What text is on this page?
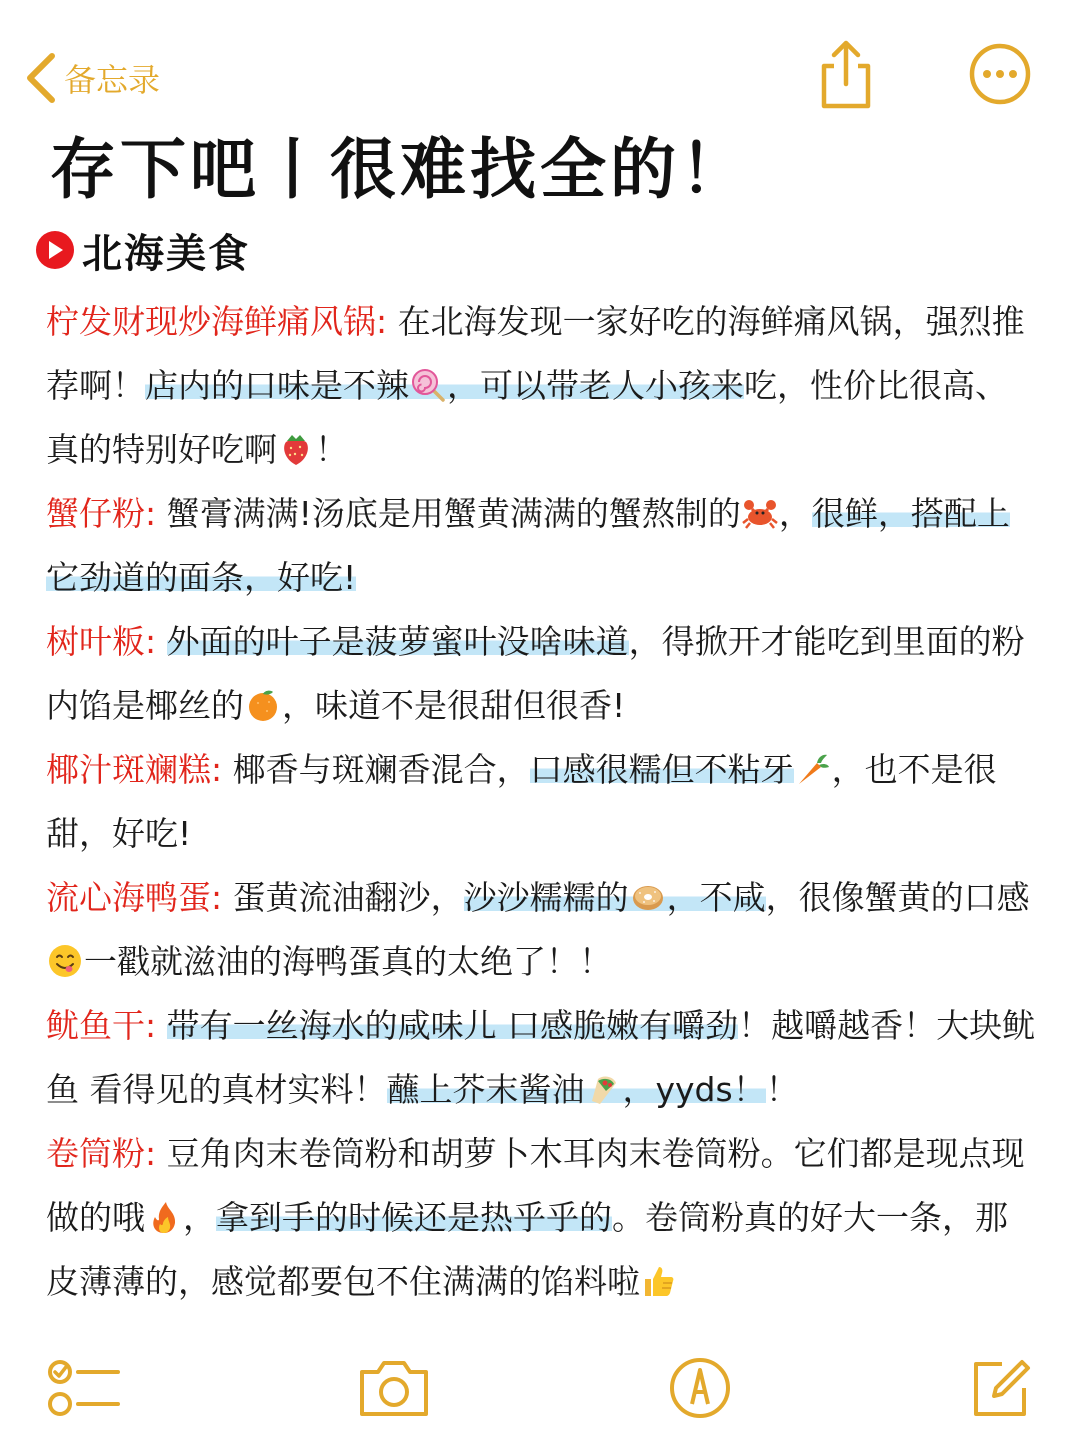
备忘录
存下吧丨很难找全的！
北海美食

柠发财现炒海鲜痛风锅: 在北海发现一家好吃的海鲜痛风锅，强烈推荐啊！店内的口味是不辣 ，可以带老人小孩来吃，性价比很高、真的特别好吃啊 ！

蟹仔粉: 蟹膏满满!汤底是用蟹黄满满的蟹熬制的 ，很鲜，搭配上它劲道的面条，好吃!

树叶粄: 外面的叶子是菠萝蜜叶没啥味道，得掀开才能吃到里面的粉内馅是椰丝的 ，味道不是很甜但很香!

椰汁斑斓糕: 椰香与斑斓香混合，口感很糯但不粘牙 ，也不是很甜，好吃!

流心海鸭蛋: 蛋黄流油翻沙，沙沙糯糯的 ，不咸，很像蟹黄的口感一戳就滋油的海鸭蛋真的太绝了！！

鱿鱼干: 带有一丝海水的咸味儿 口感脆嫩有嚼劲！越嚼越香！大块鱿鱼 看得见的真材实料！蘸上芥末酱油 ，yyds！！

卷筒粉: 豆角肉末卷筒粉和胡萝卜木耳肉末卷筒粉。它们都是现点现做的哦 ，拿到手的时候还是热乎乎的。卷筒粉真的好大一条，那皮薄薄的，感觉都要包不住满满的馅料啦
